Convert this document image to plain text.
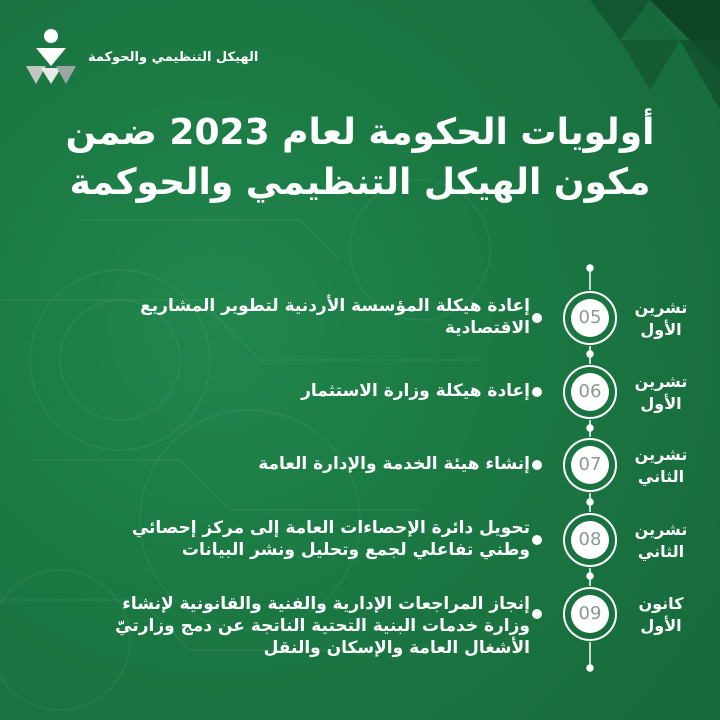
الهيكل التنظيمي والحوكمة
أولويات الحكومة لعام 2023 ضمن
مكون الهيكل التنظيمي والحوكمة
تشرين
الأول
05
إعادة هيكلة المؤسسة الأردنية لتطوير المشاريع
الاقتصادية
تشرين
الأول
06
إعادة هيكلة وزارة الاستثمار
تشرين
الثاني
07
إنشاء هيئة الخدمة والإدارة العامة
تشرين
الثاني
08
تحويل دائرة الإحصاءات العامة إلى مركز إحصائي
وطني تفاعلي لجمع وتحليل ونشر البيانات
كانون
الأول
09
إنجاز المراجعات الإدارية والفنية والقانونية لإنشاء
وزارة خدمات البنية التحتية الناتجة عن دمج وزارتيّ
الأشغال العامة والإسكان والنقل
